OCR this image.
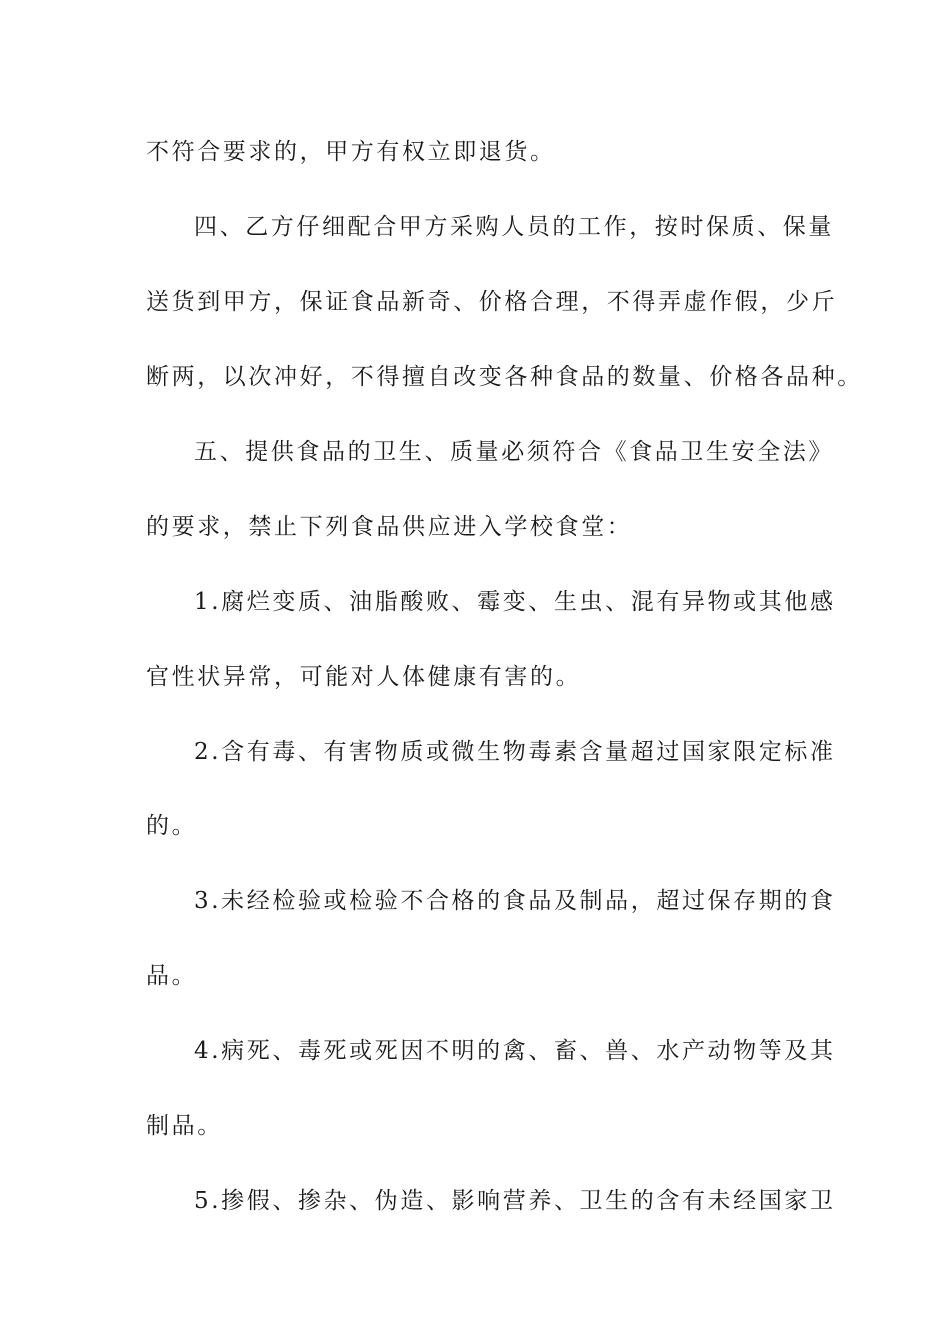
不符合要求的，甲方有权立即退货。
四、乙方仔细配合甲方采购人员的工作，按时保质、保量
送货到甲方，保证食品新奇、价格合理，不得弄虚作假，少斤
断两，以次冲好，不得擅自改变各种食品的数量、价格各品种。
五、提供食品的卫生、质量必须符合《食品卫生安全法》
的要求，禁止下列食品供应进入学校食堂：
1.腐烂变质、油脂酸败、霉变、生虫、混有异物或其他感
官性状异常，可能对人体健康有害的。
2.含有毒、有害物质或微生物毒素含量超过国家限定标准
的。
3.未经检验或检验不合格的食品及制品，超过保存期的食
品。
4.病死、毒死或死因不明的禽、畜、兽、水产动物等及其
制品。
5.掺假、掺杂、伪造、影响营养、卫生的含有未经国家卫
